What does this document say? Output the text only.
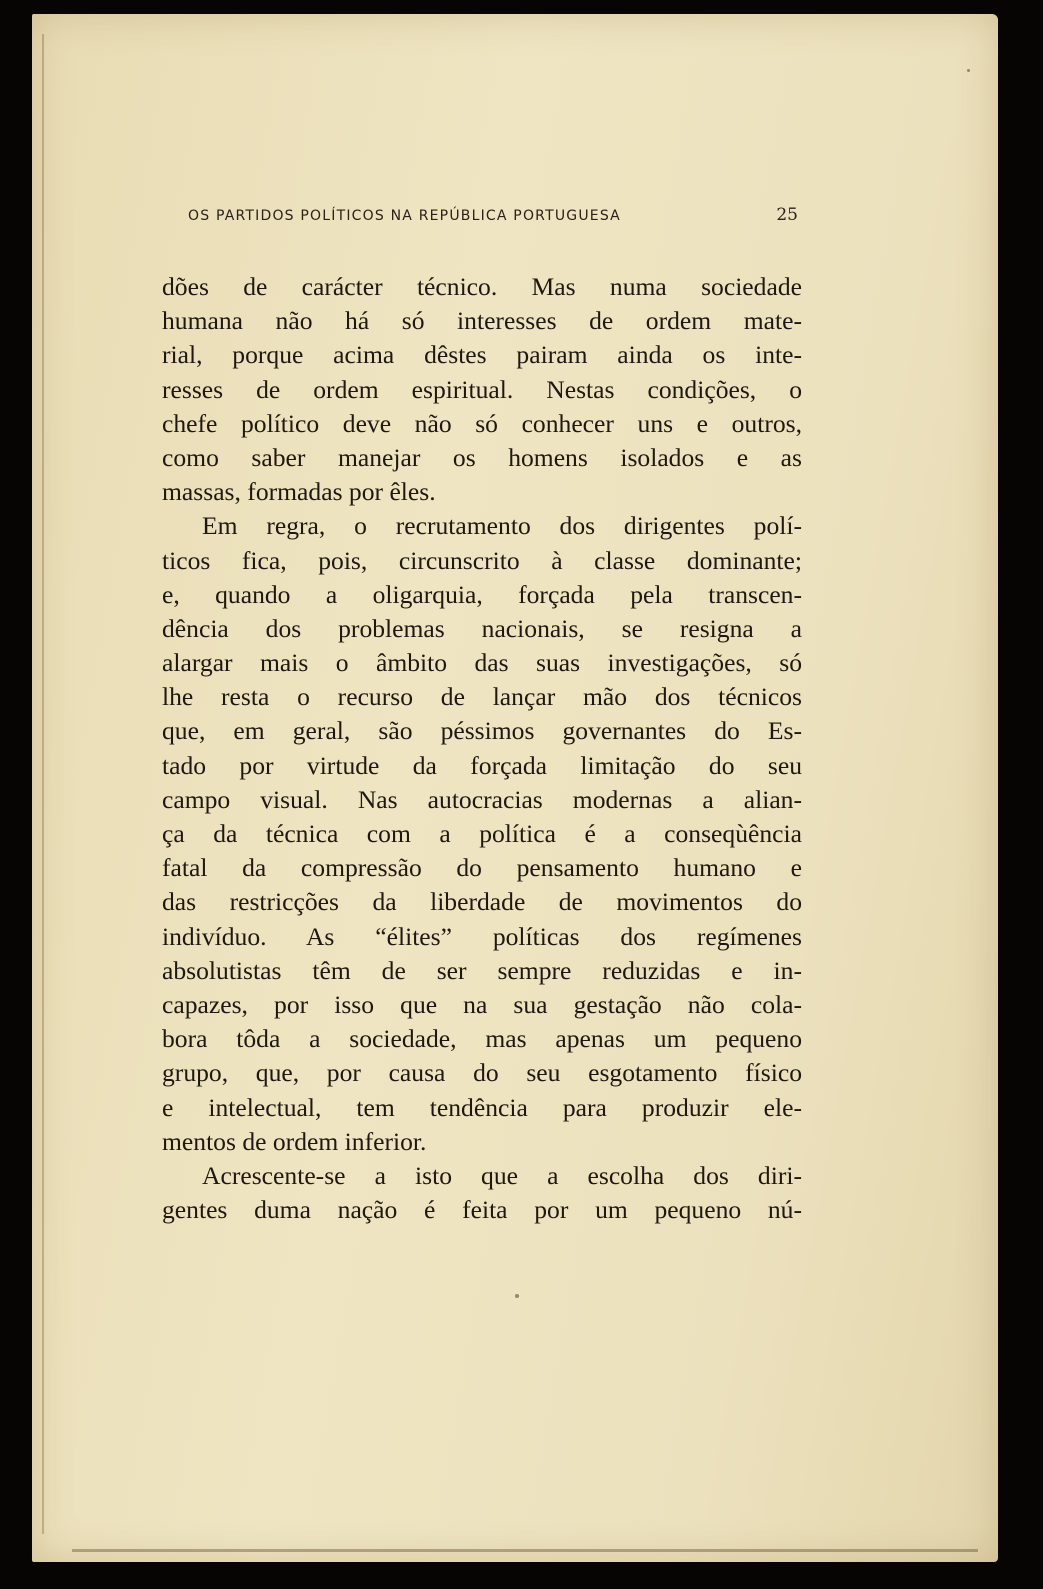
OS PARTIDOS POLÍTICOS NA REPÚBLICA PORTUGUESA	25
dões de carácter técnico. Mas numa sociedade
humana não há só interesses de ordem mate-
rial, porque acima dêstes pairam ainda os inte-
resses de ordem espiritual. Nestas condições, o
chefe político deve não só conhecer uns e outros,
como saber manejar os homens isolados e as
massas, formadas por êles.
Em regra, o recrutamento dos dirigentes polí-
ticos fica, pois, circunscrito à classe dominante;
e, quando a oligarquia, forçada pela transcen-
dência dos problemas nacionais, se resigna a
alargar mais o âmbito das suas investigações, só
lhe resta o recurso de lançar mão dos técnicos
que, em geral, são péssimos governantes do Es-
tado por virtude da forçada limitação do seu
campo visual. Nas autocracias modernas a alian-
ça da técnica com a política é a conseqùência
fatal da compressão do pensamento humano e
das restricções da liberdade de movimentos do
indivíduo. As “élites” políticas dos regímenes
absolutistas têm de ser sempre reduzidas e in-
capazes, por isso que na sua gestação não cola-
bora tôda a sociedade, mas apenas um pequeno
grupo, que, por causa do seu esgotamento físico
e intelectual, tem tendência para produzir ele-
mentos de ordem inferior.
Acrescente-se a isto que a escolha dos diri-
gentes duma nação é feita por um pequeno nú-
